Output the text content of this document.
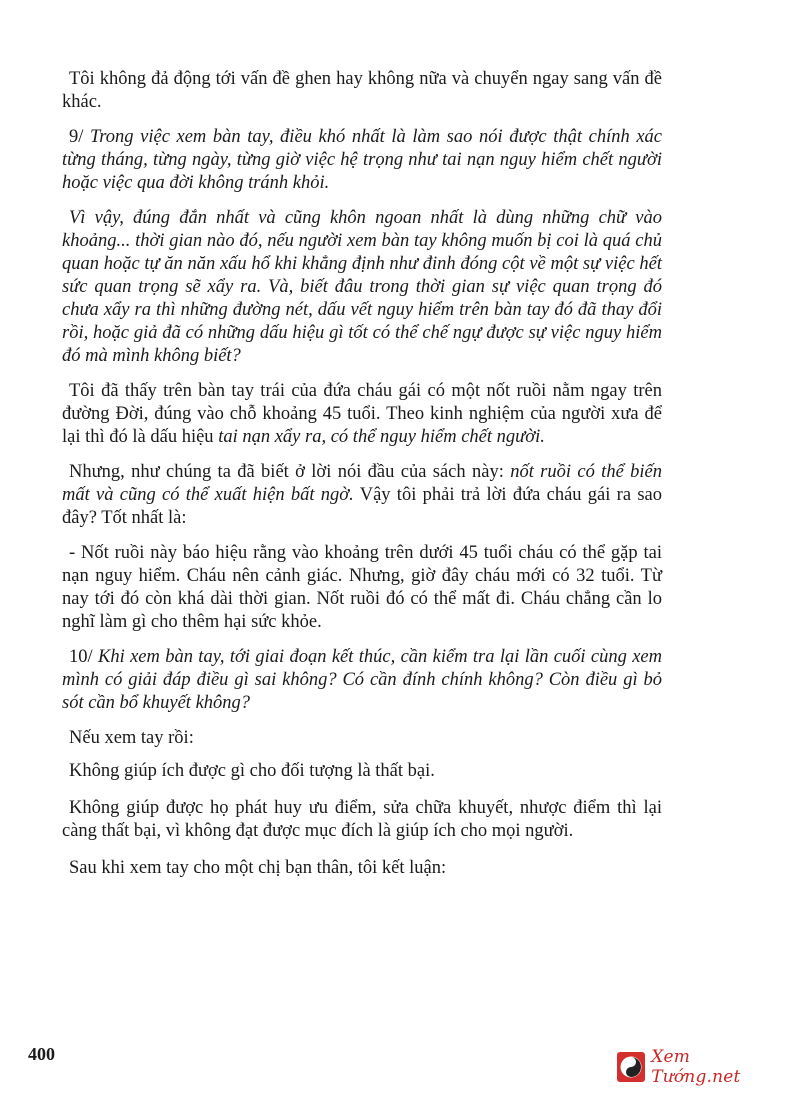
Tôi không đả động tới vấn đề ghen hay không nữa và chuyển ngay sang vấn đề khác.

9/ Trong việc xem bàn tay, điều khó nhất là làm sao nói được thật chính xác từng tháng, từng ngày, từng giờ việc hệ trọng như tai nạn nguy hiểm chết người hoặc việc qua đời không tránh khỏi.

Vì vậy, đúng đắn nhất và cũng khôn ngoan nhất là dùng những chữ vào khoảng... thời gian nào đó, nếu người xem bàn tay không muốn bị coi là quá chủ quan hoặc tự ăn năn xấu hổ khi khẳng định như đinh đóng cột về một sự việc hết sức quan trọng sẽ xẩy ra. Và, biết đâu trong thời gian sự việc quan trọng đó chưa xẩy ra thì những đường nét, dấu vết nguy hiểm trên bàn tay đó đã thay đổi rồi, hoặc giả đã có những dấu hiệu gì tốt có thể chế ngự được sự việc nguy hiểm đó mà mình không biết?

Tôi đã thấy trên bàn tay trái của đứa cháu gái có một nốt ruồi nằm ngay trên đường Đời, đúng vào chỗ khoảng 45 tuổi. Theo kinh nghiệm của người xưa để lại thì đó là dấu hiệu tai nạn xẩy ra, có thể nguy hiểm chết người.

Nhưng, như chúng ta đã biết ở lời nói đầu của sách này: nốt ruồi có thể biến mất và cũng có thể xuất hiện bất ngờ. Vậy tôi phải trả lời đứa cháu gái ra sao đây? Tốt nhất là:

- Nốt ruồi này báo hiệu rằng vào khoảng trên dưới 45 tuổi cháu có thể gặp tai nạn nguy hiểm. Cháu nên cảnh giác. Nhưng, giờ đây cháu mới có 32 tuổi. Từ nay tới đó còn khá dài thời gian. Nốt ruồi đó có thể mất đi. Cháu chẳng cần lo nghĩ làm gì cho thêm hại sức khỏe.

10/ Khi xem bàn tay, tới giai đoạn kết thúc, cần kiểm tra lại lần cuối cùng xem mình có giải đáp điều gì sai không? Có cần đính chính không? Còn điều gì bỏ sót cần bổ khuyết không?

Nếu xem tay rồi:

Không giúp ích được gì cho đối tượng là thất bại.

Không giúp được họ phát huy ưu điểm, sửa chữa khuyết, nhược điểm thì lại càng thất bại, vì không đạt được mục đích là giúp ích cho mọi người.

Sau khi xem tay cho một chị bạn thân, tôi kết luận:

400	Xem Tướng.net
